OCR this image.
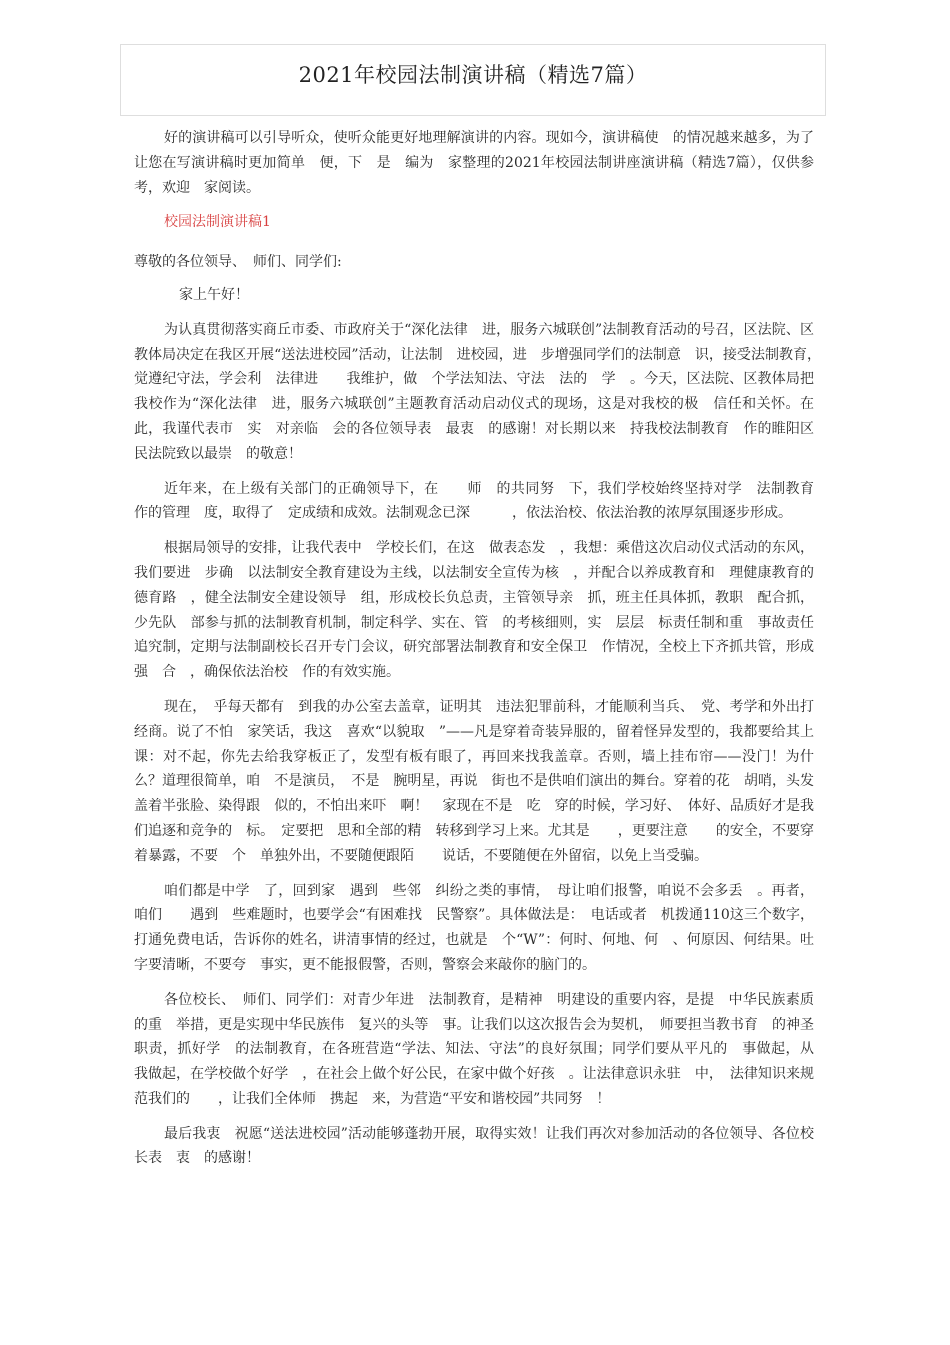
2021年校园法制演讲稿（精选7篇）

好的演讲稿可以引导听众，使听众能更好地理解演讲的内容。现如今，演讲稿使　的情况越来越多，为了让您在写演讲稿时更加简单　便，下　是　编为　家整理的2021年校园法制讲座演讲稿（精选7篇），仅供参考，欢迎　家阅读。

校园法制演讲稿1

尊敬的各位领导、　师们、同学们:

家上午好！

为认真贯彻落实商丘市委、市政府关于“深化法律　进，服务六城联创”法制教育活动的号召，区法院、区教体局决定在我区开展“送法进校园”活动，让法制　进校园，进　步增强同学们的法制意　识，接受法制教育，　觉遵纪守法，学会利　法律进　　我维护，做　个学法知法、守法　法的　学　。今天，区法院、区教体局把我校作为“深化法律　进，服务六城联创”主题教育活动启动仪式的现场，这是对我校的极　信任和关怀。在此，我谨代表市　实　对亲临　会的各位领导表　最衷　的感谢！对长期以来　持我校法制教育　作的睢阳区　民法院致以最崇　的敬意！

近年来，在上级有关部门的正确领导下，在　　师　的共同努　下，我们学校始终坚持对学　法制教育　作的管理　度，取得了　定成绩和成效。法制观念已深　　　，依法治校、依法治教的浓厚氛围逐步形成。

根据局领导的安排，让我代表中　学校长们，在这　做表态发　，我想：乘借这次启动仪式活动的东风，我们要进　步确　以法制安全教育建设为主线，以法制安全宣传为核　，并配合以养成教育和　理健康教育的德育路　，健全法制安全建设领导　组，形成校长负总责，主管领导亲　抓，班主任具体抓，教职　配合抓，少先队　部参与抓的法制教育机制，制定科学、实在、管　的考核细则，实　层层　标责任制和重　事故责任追究制，定期与法制副校长召开专门会议，研究部署法制教育和安全保卫　作情况，全校上下齐抓共管，形成强　合　，确保依法治校　作的有效实施。

现在，　乎每天都有　到我的办公室去盖章，证明其　违法犯罪前科，才能顺利当兵、　党、考学和外出打　经商。说了不怕　家笑话，我这　喜欢“以貌取　”——凡是穿着奇装异服的，留着怪异发型的，我都要给其上　课：对不起，你先去给我穿板正了，发型有板有眼了，再回来找我盖章。否则，墙上挂布帘——没门！为什么？道理很简单，咱　不是演员，　不是　腕明星，再说　街也不是供咱们演出的舞台。穿着的花　胡哨，头发盖着半张脸、染得跟　似的，不怕出来吓　啊！　家现在不是　吃　穿的时候，学习好、　体好、品质好才是我们追逐和竞争的　标。　定要把　思和全部的精　转移到学习上来。尤其是　　，更要注意　　的安全，不要穿着暴露，不要　个　单独外出，不要随便跟陌　　说话，不要随便在外留宿，以免上当受骗。

咱们都是中学　了，回到家　遇到　些邻　纠纷之类的事情，　母让咱们报警，咱说不会多丢　。再者，咱们　　遇到　些难题时，也要学会“有困难找　民警察”。具体做法是：　电话或者　机拨通110这三个数字，打通免费电话，告诉你的姓名，讲清事情的经过，也就是　个“W”：何时、何地、何　、何原因、何结果。吐字要清晰，不要夸　事实，更不能报假警，否则，警察会来敲你的脑门的。

各位校长、　师们、同学们：对青少年进　法制教育，是精神　明建设的重要内容，是提　中华民族素质的重　举措，更是实现中华民族伟　复兴的头等　事。让我们以这次报告会为契机，　师要担当教书育　的神圣职责，抓好学　的法制教育，在各班营造“学法、知法、守法”的良好氛围；同学们要从平凡的　事做起，从　我做起，在学校做个好学　，在社会上做个好公民，在家中做个好孩　。让法律意识永驻　中，　法律知识来规范我们的　　，让我们全体师　携起　来，为营造“平安和谐校园”共同努　！

最后我衷　祝愿“送法进校园”活动能够蓬勃开展，取得实效！让我们再次对参加活动的各位领导、各位校长表　衷　的感谢！
